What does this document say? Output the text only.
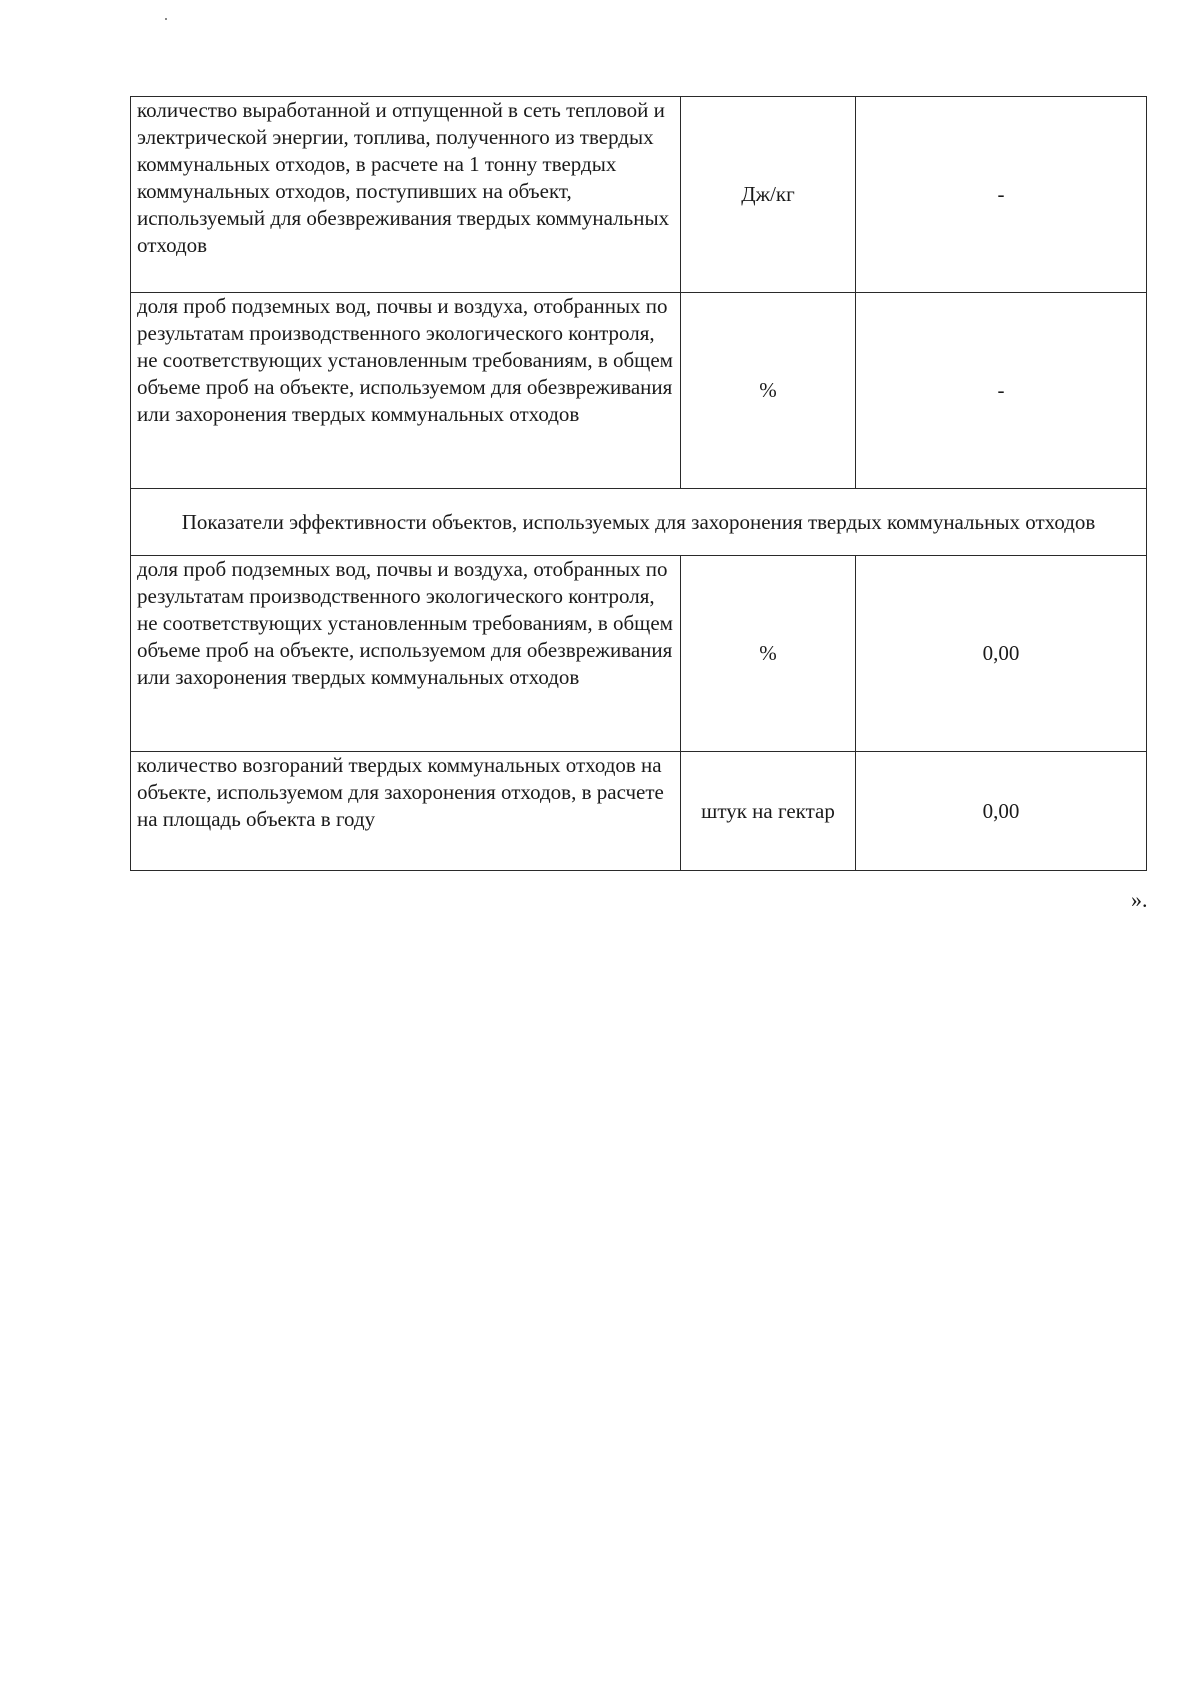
количество выработанной и отпущенной в сеть тепловой и электрической энергии, топлива, полученного из твердых коммунальных отходов, в расчете на 1 тонну твердых коммунальных отходов, поступивших на объект, используемый для обезвреживания твердых коммунальных отходов	Дж/кг	-
доля проб подземных вод, почвы и воздуха, отобранных по результатам производственного экологического контроля, не соответствующих установленным требованиям, в общем объеме проб на объекте, используемом для обезвреживания или захоронения твердых коммунальных отходов	%	-
Показатели эффективности объектов, используемых для захоронения твердых коммунальных отходов		
доля проб подземных вод, почвы и воздуха, отобранных по результатам производственного экологического контроля, не соответствующих установленным требованиям, в общем объеме проб на объекте, используемом для обезвреживания или захоронения твердых коммунальных отходов	%	0,00
количество возгораний твердых коммунальных отходов на объекте, используемом для захоронения отходов, в расчете на площадь объекта в году	штук на гектар	0,00
».
